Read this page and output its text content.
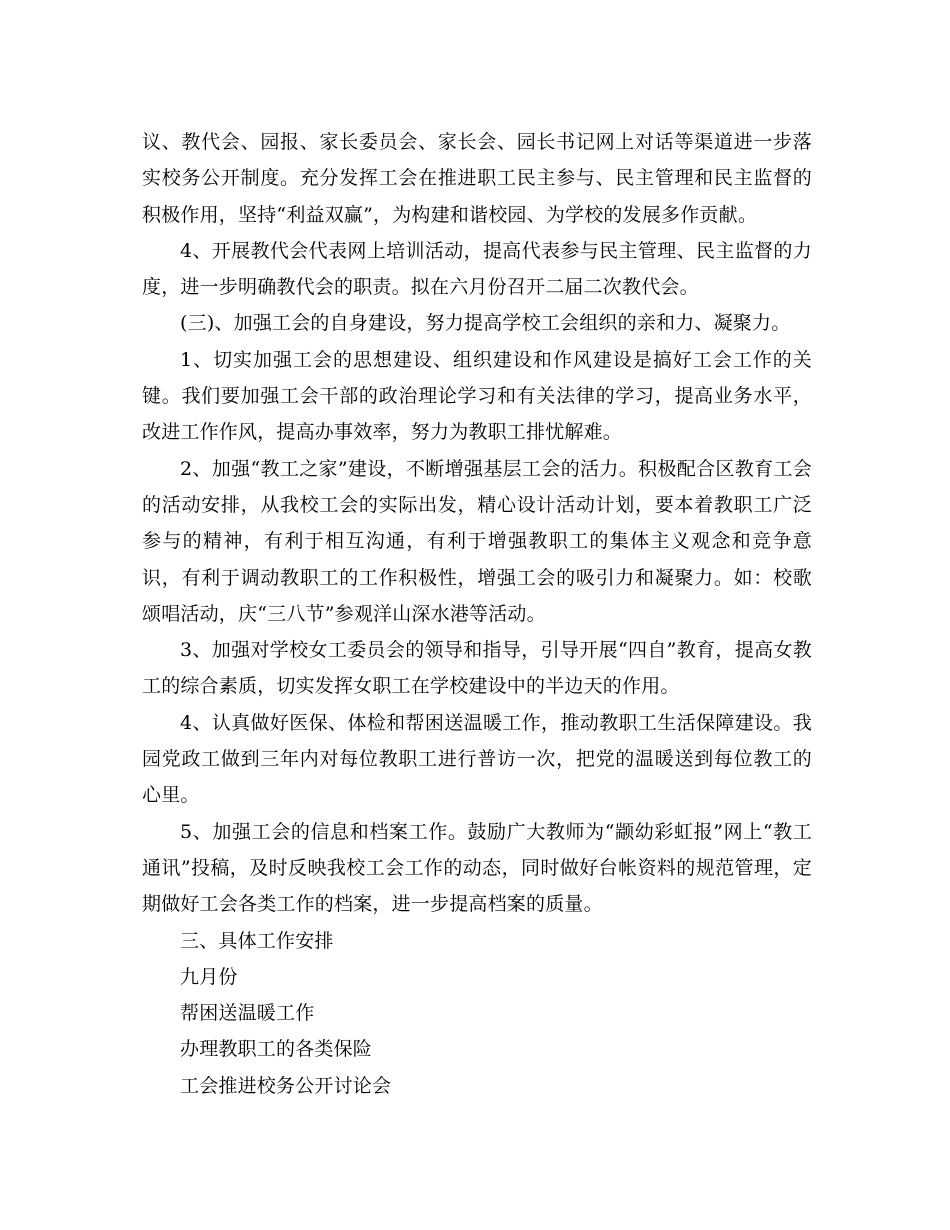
议、教代会、园报、家长委员会、家长会、园长书记网上对话等渠道进一步落实校务公开制度。充分发挥工会在推进职工民主参与、民主管理和民主监督的积极作用，坚持“利益双赢”，为构建和谐校园、为学校的发展多作贡献。

4、开展教代会代表网上培训活动，提高代表参与民主管理、民主监督的力度，进一步明确教代会的职责。拟在六月份召开二届二次教代会。

(三)、加强工会的自身建设，努力提高学校工会组织的亲和力、凝聚力。

1、切实加强工会的思想建设、组织建设和作风建设是搞好工会工作的关键。我们要加强工会干部的政治理论学习和有关法律的学习，提高业务水平，改进工作作风，提高办事效率，努力为教职工排忧解难。

2、加强“教工之家”建设，不断增强基层工会的活力。积极配合区教育工会的活动安排，从我校工会的实际出发，精心设计活动计划，要本着教职工广泛参与的精神，有利于相互沟通，有利于增强教职工的集体主义观念和竞争意识，有利于调动教职工的工作积极性，增强工会的吸引力和凝聚力。如：校歌颂唱活动，庆“三八节”参观洋山深水港等活动。

3、加强对学校女工委员会的领导和指导，引导开展“四自”教育，提高女教工的综合素质，切实发挥女职工在学校建设中的半边天的作用。

4、认真做好医保、体检和帮困送温暖工作，推动教职工生活保障建设。我园党政工做到三年内对每位教职工进行普访一次，把党的温暖送到每位教工的心里。

5、加强工会的信息和档案工作。鼓励广大教师为“颛幼彩虹报”网上“教工通讯”投稿，及时反映我校工会工作的动态，同时做好台帐资料的规范管理，定期做好工会各类工作的档案，进一步提高档案的质量。

三、具体工作安排

九月份

帮困送温暖工作

办理教职工的各类保险

工会推进校务公开讨论会
